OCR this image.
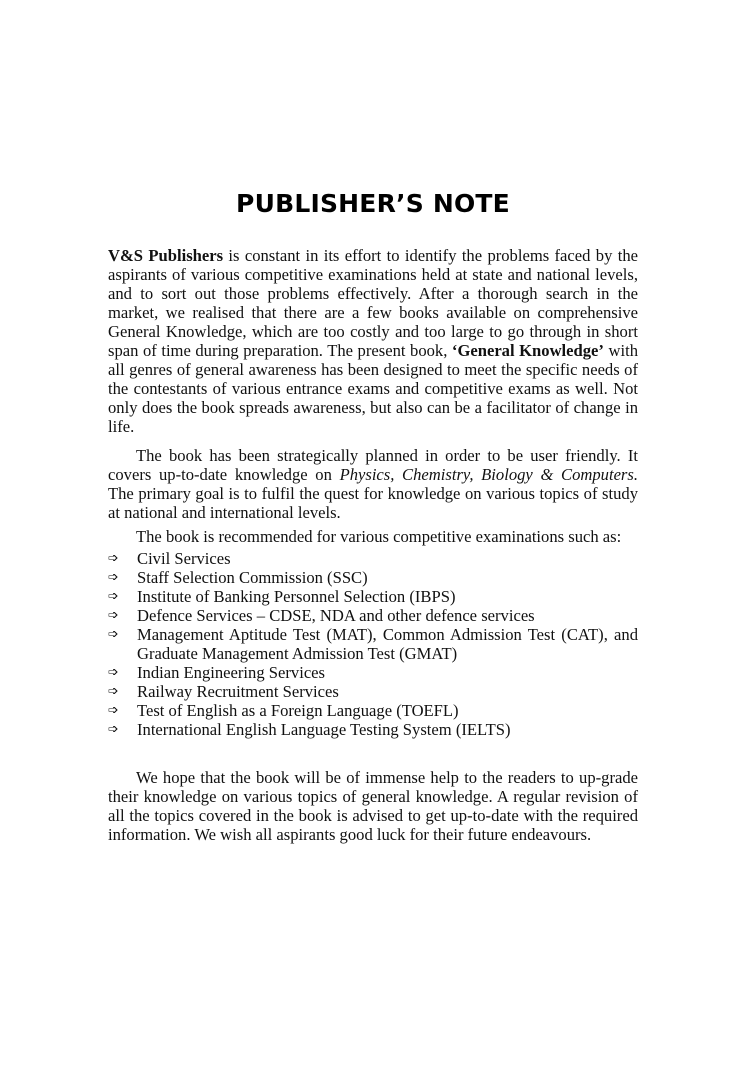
PUBLISHER’S NOTE

V&S Publishers is constant in its effort to identify the problems faced by the aspirants of various competitive examinations held at state and national levels, and to sort out those problems effectively. After a thorough search in the market, we realised that there are a few books available on comprehensive General Knowledge, which are too costly and too large to go through in short span of time during preparation. The present book, ‘General Knowledge’ with all genres of general awareness has been designed to meet the specific needs of the contestants of various entrance exams and competitive exams as well. Not only does the book spreads awareness, but also can be a facilitator of change in life.

The book has been strategically planned in order to be user friendly. It covers up-to-date knowledge on Physics, Chemistry, Biology & Computers. The primary goal is to fulfil the quest for knowledge on various topics of study at national and international levels.

The book is recommended for various competitive examinations such as:

➩ Civil Services
➩ Staff Selection Commission (SSC)
➩ Institute of Banking Personnel Selection (IBPS)
➩ Defence Services – CDSE, NDA and other defence services
➩ Management Aptitude Test (MAT), Common Admission Test (CAT), and Graduate Management Admission Test (GMAT)
➩ Indian Engineering Services
➩ Railway Recruitment Services
➩ Test of English as a Foreign Language (TOEFL)
➩ International English Language Testing System (IELTS)

We hope that the book will be of immense help to the readers to up-grade their knowledge on various topics of general knowledge. A regular revision of all the topics covered in the book is advised to get up-to-date with the required information. We wish all aspirants good luck for their future endeavours.
